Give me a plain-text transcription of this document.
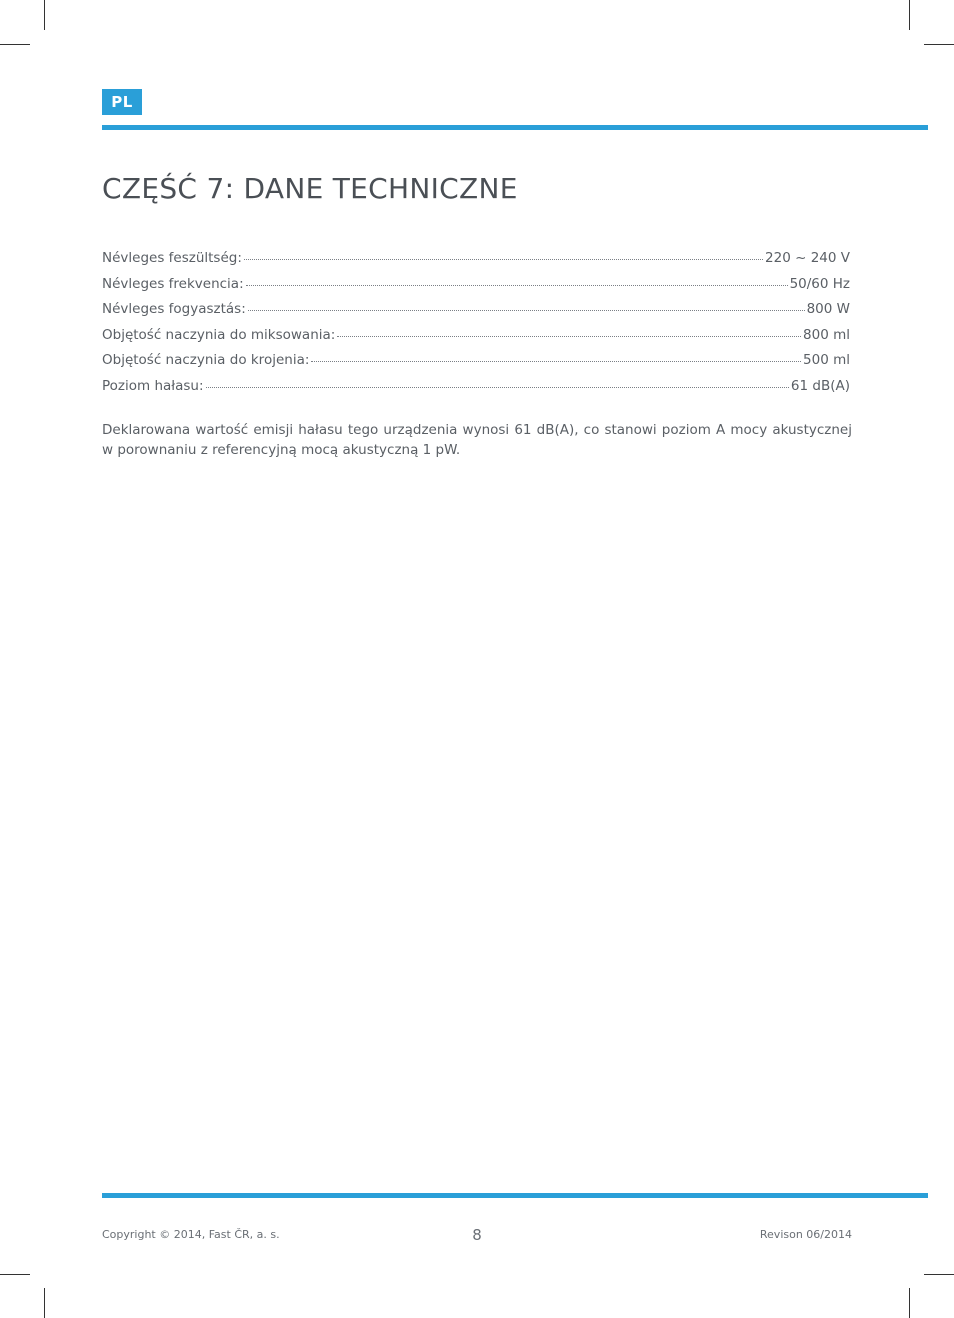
PL
CZĘŚĆ 7: DANE TECHNICZNE
Névleges feszültség:	220 ~ 240 V
Névleges frekvencia:	50/60 Hz
Névleges fogyasztás:	800 W
Objętość naczynia do miksowania:	800 ml
Objętość naczynia do krojenia:	500 ml
Poziom hałasu:	61 dB(A)

Deklarowana wartość emisji hałasu tego urządzenia wynosi 61 dB(A), co stanowi poziom A mocy akustycznej w porownaniu z referencyjną mocą akustyczną 1 pW.

Copyright © 2014, Fast ČR, a. s.	8	Revison 06/2014
